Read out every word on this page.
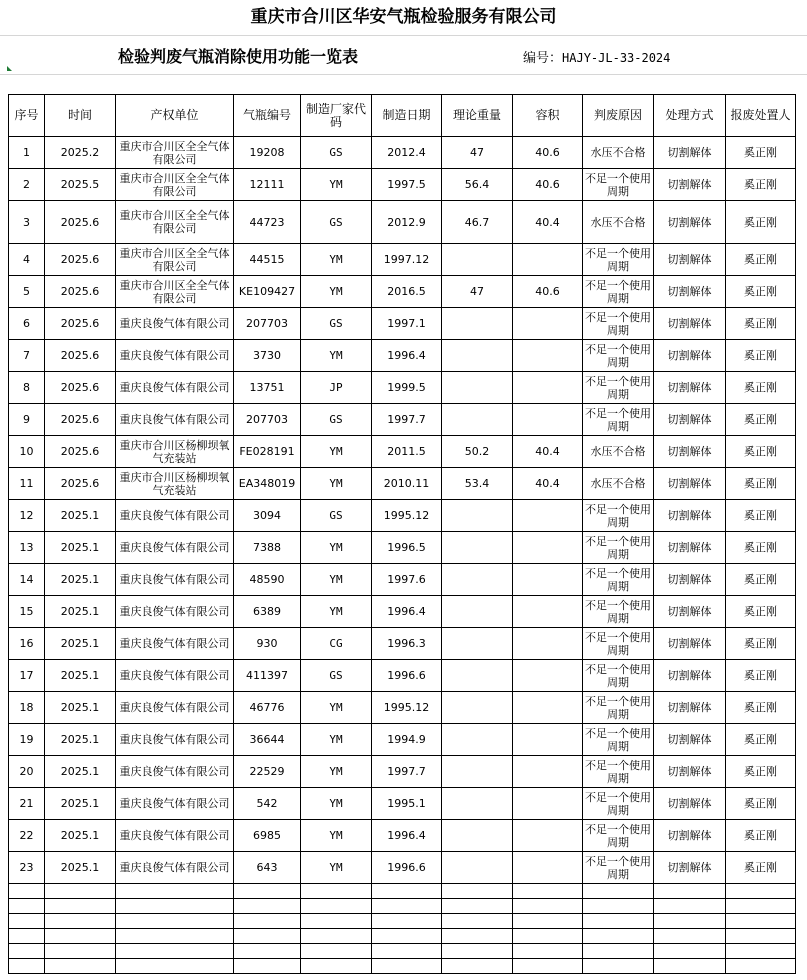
重庆市合川区华安气瓶检验服务有限公司
检验判废气瓶消除使用功能一览表	编号：HAJY-JL-33-2024
序号	时间	产权单位	气瓶编号	制造厂家代码	制造日期	理论重量	容积	判废原因	处理方式	报废处置人
1	2025.2	重庆市合川区全全气体有限公司	19208	GS	2012.4	47	40.6	水压不合格	切割解体	奚正刚
2	2025.5	重庆市合川区全全气体有限公司	12111	YM	1997.5	56.4	40.6	不足一个使用周期	切割解体	奚正刚
3	2025.6	重庆市合川区全全气体有限公司	44723	GS	2012.9	46.7	40.4	水压不合格	切割解体	奚正刚
4	2025.6	重庆市合川区全全气体有限公司	44515	YM	1997.12			不足一个使用周期	切割解体	奚正刚
5	2025.6	重庆市合川区全全气体有限公司	KE109427	YM	2016.5	47	40.6	不足一个使用周期	切割解体	奚正刚
6	2025.6	重庆良俊气体有限公司	207703	GS	1997.1			不足一个使用周期	切割解体	奚正刚
7	2025.6	重庆良俊气体有限公司	3730	YM	1996.4			不足一个使用周期	切割解体	奚正刚
8	2025.6	重庆良俊气体有限公司	13751	JP	1999.5			不足一个使用周期	切割解体	奚正刚
9	2025.6	重庆良俊气体有限公司	207703	GS	1997.7			不足一个使用周期	切割解体	奚正刚
10	2025.6	重庆市合川区杨柳坝氧气充装站	FE028191	YM	2011.5	50.2	40.4	水压不合格	切割解体	奚正刚
11	2025.6	重庆市合川区杨柳坝氧气充装站	EA348019	YM	2010.11	53.4	40.4	水压不合格	切割解体	奚正刚
12	2025.1	重庆良俊气体有限公司	3094	GS	1995.12			不足一个使用周期	切割解体	奚正刚
13	2025.1	重庆良俊气体有限公司	7388	YM	1996.5			不足一个使用周期	切割解体	奚正刚
14	2025.1	重庆良俊气体有限公司	48590	YM	1997.6			不足一个使用周期	切割解体	奚正刚
15	2025.1	重庆良俊气体有限公司	6389	YM	1996.4			不足一个使用周期	切割解体	奚正刚
16	2025.1	重庆良俊气体有限公司	930	CG	1996.3			不足一个使用周期	切割解体	奚正刚
17	2025.1	重庆良俊气体有限公司	411397	GS	1996.6			不足一个使用周期	切割解体	奚正刚
18	2025.1	重庆良俊气体有限公司	46776	YM	1995.12			不足一个使用周期	切割解体	奚正刚
19	2025.1	重庆良俊气体有限公司	36644	YM	1994.9			不足一个使用周期	切割解体	奚正刚
20	2025.1	重庆良俊气体有限公司	22529	YM	1997.7			不足一个使用周期	切割解体	奚正刚
21	2025.1	重庆良俊气体有限公司	542	YM	1995.1			不足一个使用周期	切割解体	奚正刚
22	2025.1	重庆良俊气体有限公司	6985	YM	1996.4			不足一个使用周期	切割解体	奚正刚
23	2025.1	重庆良俊气体有限公司	643	YM	1996.6			不足一个使用周期	切割解体	奚正刚
